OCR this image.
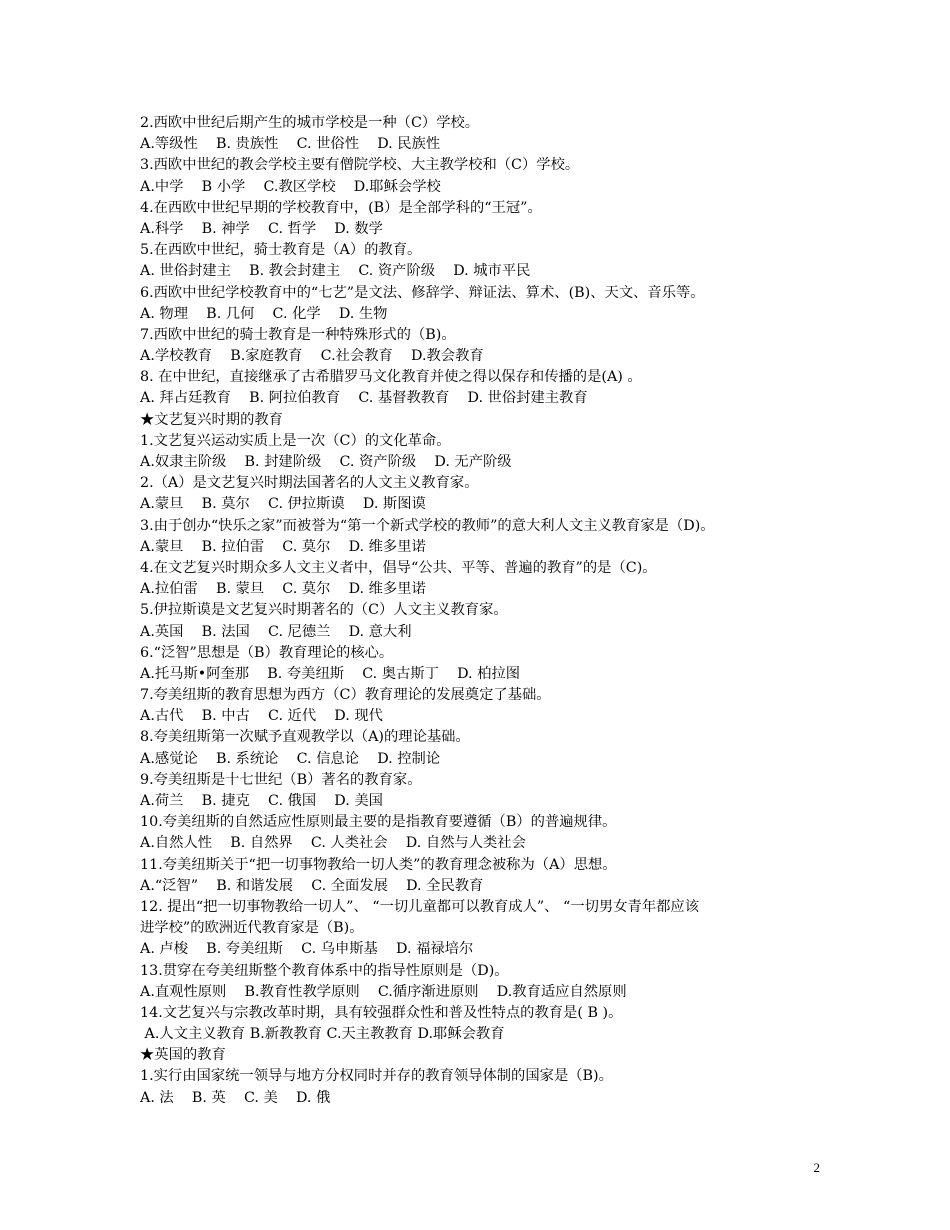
2.西欧中世纪后期产生的城市学校是一种（C）学校。
A.等级性    B. 贵族性    C. 世俗性    D. 民族性
3.西欧中世纪的教会学校主要有僧院学校、大主教学校和（C）学校。
A.中学    B 小学    C.教区学校    D.耶稣会学校
4.在西欧中世纪早期的学校教育中，(B）是全部学科的“王冠”。
A.科学    B. 神学    C. 哲学    D. 数学
5.在西欧中世纪，骑士教育是（A）的教育。
A. 世俗封建主    B. 教会封建主    C. 资产阶级    D. 城市平民
6.西欧中世纪学校教育中的“七艺”是文法、修辞学、辩证法、算术、(B)、天文、音乐等。
A. 物理    B. 几何    C. 化学    D. 生物
7.西欧中世纪的骑士教育是一种特殊形式的（B)。
A.学校教育    B.家庭教育    C.社会教育    D.教会教育
8. 在中世纪，直接继承了古希腊罗马文化教育并使之得以保存和传播的是(A) 。
A. 拜占廷教育    B. 阿拉伯教育    C. 基督教教育    D. 世俗封建主教育
★文艺复兴时期的教育
1.文艺复兴运动实质上是一次（C）的文化革命。
A.奴隶主阶级    B. 封建阶级    C. 资产阶级    D. 无产阶级
2.（A）是文艺复兴时期法国著名的人文主义教育家。
A.蒙旦    B. 莫尔    C. 伊拉斯谟    D. 斯图谟
3.由于创办“快乐之家”而被誉为“第一个新式学校的教师”的意大利人文主义教育家是（D)。
A.蒙旦    B. 拉伯雷    C. 莫尔    D. 维多里诺
4.在文艺复兴时期众多人文主义者中，倡导“公共、平等、普遍的教育”的是（C)。
A.拉伯雷    B. 蒙旦    C. 莫尔    D. 维多里诺
5.伊拉斯谟是文艺复兴时期著名的（C）人文主义教育家。
A.英国    B. 法国    C. 尼德兰    D. 意大利
6.“泛智”思想是（B）教育理论的核心。
A.托马斯•阿奎那    B. 夸美纽斯    C. 奥古斯丁    D. 柏拉图
7.夸美纽斯的教育思想为西方（C）教育理论的发展奠定了基础。
A.古代    B. 中古    C. 近代    D. 现代
8.夸美纽斯第一次赋予直观教学以（A)的理论基础。
A.感觉论    B. 系统论    C. 信息论    D. 控制论
9.夸美纽斯是十七世纪（B）著名的教育家。
A.荷兰    B. 捷克    C. 俄国    D. 美国
10.夸美纽斯的自然适应性原则最主要的是指教育要遵循（B）的普遍规律。
A.自然人性    B. 自然界    C. 人类社会    D. 自然与人类社会
11.夸美纽斯关于“把一切事物教给一切人类”的教育理念被称为（A）思想。
A.“泛智”    B. 和谐发展    C. 全面发展    D. 全民教育
12. 提出“把一切事物教给一切人”、 “一切儿童都可以教育成人”、 “一切男女青年都应该
进学校”的欧洲近代教育家是（B)。
A. 卢梭    B. 夸美纽斯    C. 乌申斯基    D. 福禄培尔
13.贯穿在夸美纽斯整个教育体系中的指导性原则是（D)。
A.直观性原则    B.教育性教学原则    C.循序渐进原则    D.教育适应自然原则
14.文艺复兴与宗教改革时期，具有较强群众性和普及性特点的教育是( B )。
A.人文主义教育 B.新教教育 C.天主教教育 D.耶稣会教育
★英国的教育
1.实行由国家统一领导与地方分权同时并存的教育领导体制的国家是（B)。
A. 法    B. 英    C. 美    D. 俄
2
